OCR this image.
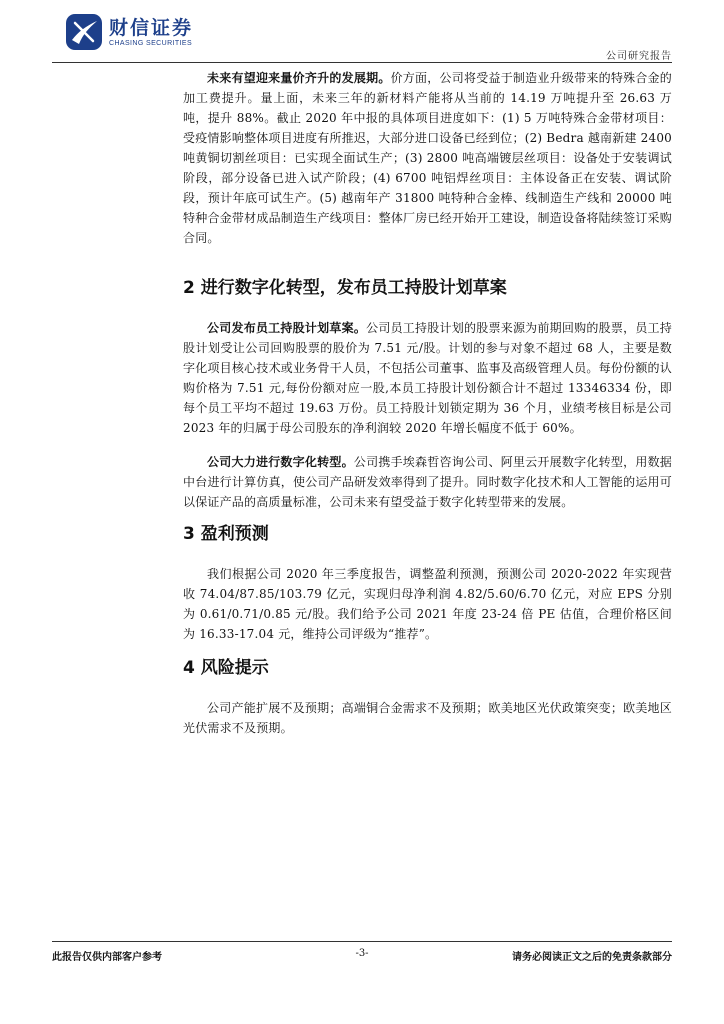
财信证券
CHASING SECURITIES
公司研究报告

未来有望迎来量价齐升的发展期。价方面，公司将受益于制造业升级带来的特殊合金的加工费提升。量上面，未来三年的新材料产能将从当前的 14.19 万吨提升至 26.63 万吨，提升 88%。截止 2020 年中报的具体项目进度如下：(1) 5 万吨特殊合金带材项目：受疫情影响整体项目进度有所推迟，大部分进口设备已经到位；(2) Bedra 越南新建 2400 吨黄铜切割丝项目：已实现全面试生产；(3) 2800 吨高端镀层丝项目：设备处于安装调试阶段，部分设备已进入试产阶段；(4) 6700 吨铝焊丝项目：主体设备正在安装、调试阶段，预计年底可试生产。(5) 越南年产 31800 吨特种合金棒、线制造生产线和 20000 吨特种合金带材成品制造生产线项目：整体厂房已经开始开工建设，制造设备将陆续签订采购合同。

2 进行数字化转型，发布员工持股计划草案

公司发布员工持股计划草案。公司员工持股计划的股票来源为前期回购的股票，员工持股计划受让公司回购股票的股价为 7.51 元/股。计划的参与对象不超过 68 人，主要是数字化项目核心技术或业务骨干人员，不包括公司董事、监事及高级管理人员。每份份额的认购价格为 7.51 元,每份份额对应一股,本员工持股计划份额合计不超过 13346334 份，即每个员工平均不超过 19.63 万份。员工持股计划锁定期为 36 个月，业绩考核目标是公司 2023 年的归属于母公司股东的净利润较 2020 年增长幅度不低于 60%。

公司大力进行数字化转型。公司携手埃森哲咨询公司、阿里云开展数字化转型，用数据中台进行计算仿真，使公司产品研发效率得到了提升。同时数字化技术和人工智能的运用可以保证产品的高质量标准，公司未来有望受益于数字化转型带来的发展。

3 盈利预测

我们根据公司 2020 年三季度报告，调整盈利预测，预测公司 2020-2022 年实现营收 74.04/87.85/103.79 亿元，实现归母净利润 4.82/5.60/6.70 亿元，对应 EPS 分别为 0.61/0.71/0.85 元/股。我们给予公司 2021 年度 23-24 倍 PE 估值，合理价格区间为 16.33-17.04 元，维持公司评级为“推荐”。

4 风险提示

公司产能扩展不及预期；高端铜合金需求不及预期；欧美地区光伏政策突变；欧美地区光伏需求不及预期。

此报告仅供内部客户参考	-3-	请务必阅读正文之后的免责条款部分
